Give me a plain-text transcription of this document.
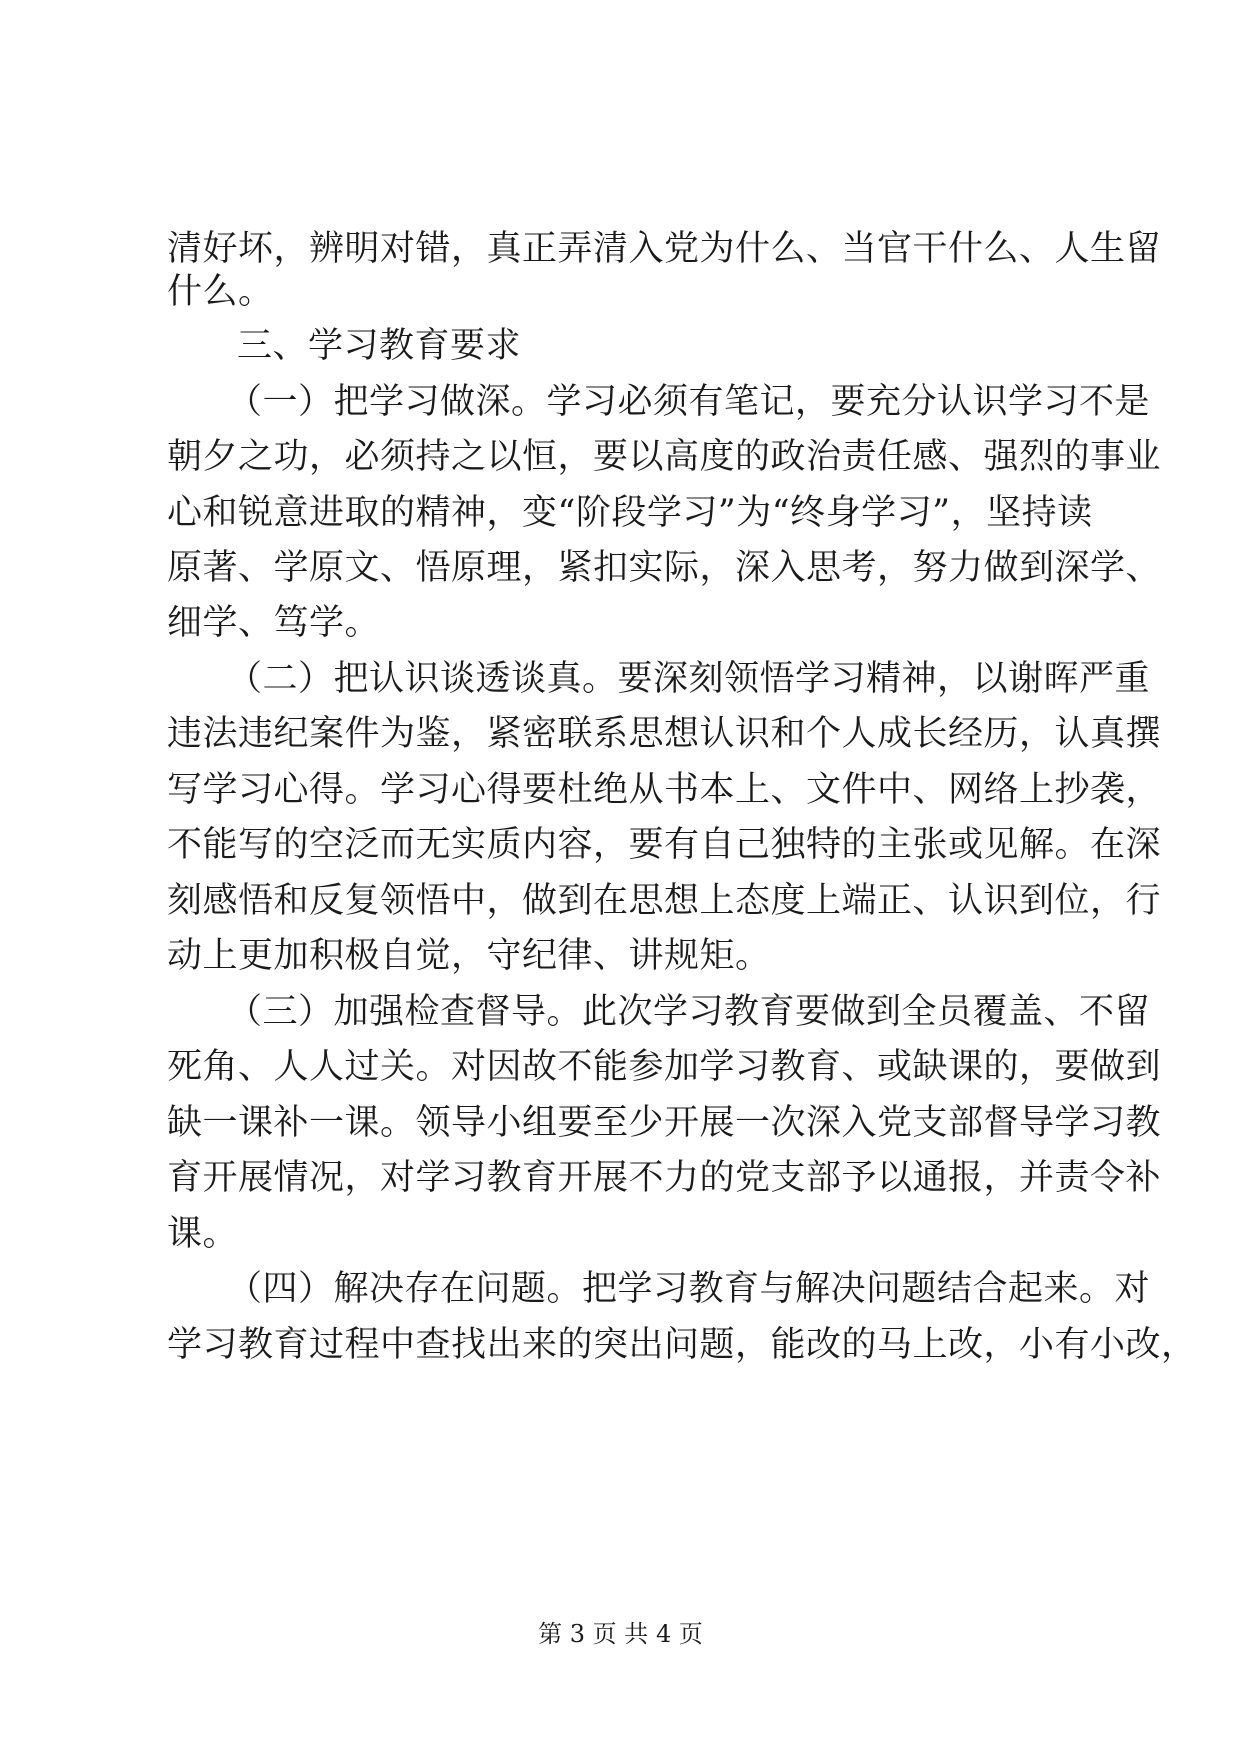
清好坏，辨明对错，真正弄清入党为什么、当官干什么、人生留
什么。
三、学习教育要求
（一）把学习做深。学习必须有笔记，要充分认识学习不是
朝夕之功，必须持之以恒，要以高度的政治责任感、强烈的事业
心和锐意进取的精神，变“阶段学习”为“终身学习”，坚持读
原著、学原文、悟原理，紧扣实际，深入思考，努力做到深学、
细学、笃学。
（二）把认识谈透谈真。要深刻领悟学习精神，以谢晖严重
违法违纪案件为鉴，紧密联系思想认识和个人成长经历，认真撰
写学习心得。学习心得要杜绝从书本上、文件中、网络上抄袭，
不能写的空泛而无实质内容，要有自己独特的主张或见解。在深
刻感悟和反复领悟中，做到在思想上态度上端正、认识到位，行
动上更加积极自觉，守纪律、讲规矩。
（三）加强检查督导。此次学习教育要做到全员覆盖、不留
死角、人人过关。对因故不能参加学习教育、或缺课的，要做到
缺一课补一课。领导小组要至少开展一次深入党支部督导学习教
育开展情况，对学习教育开展不力的党支部予以通报，并责令补
课。
（四）解决存在问题。把学习教育与解决问题结合起来。对
学习教育过程中查找出来的突出问题，能改的马上改，小有小改，
第 3 页 共 4 页
